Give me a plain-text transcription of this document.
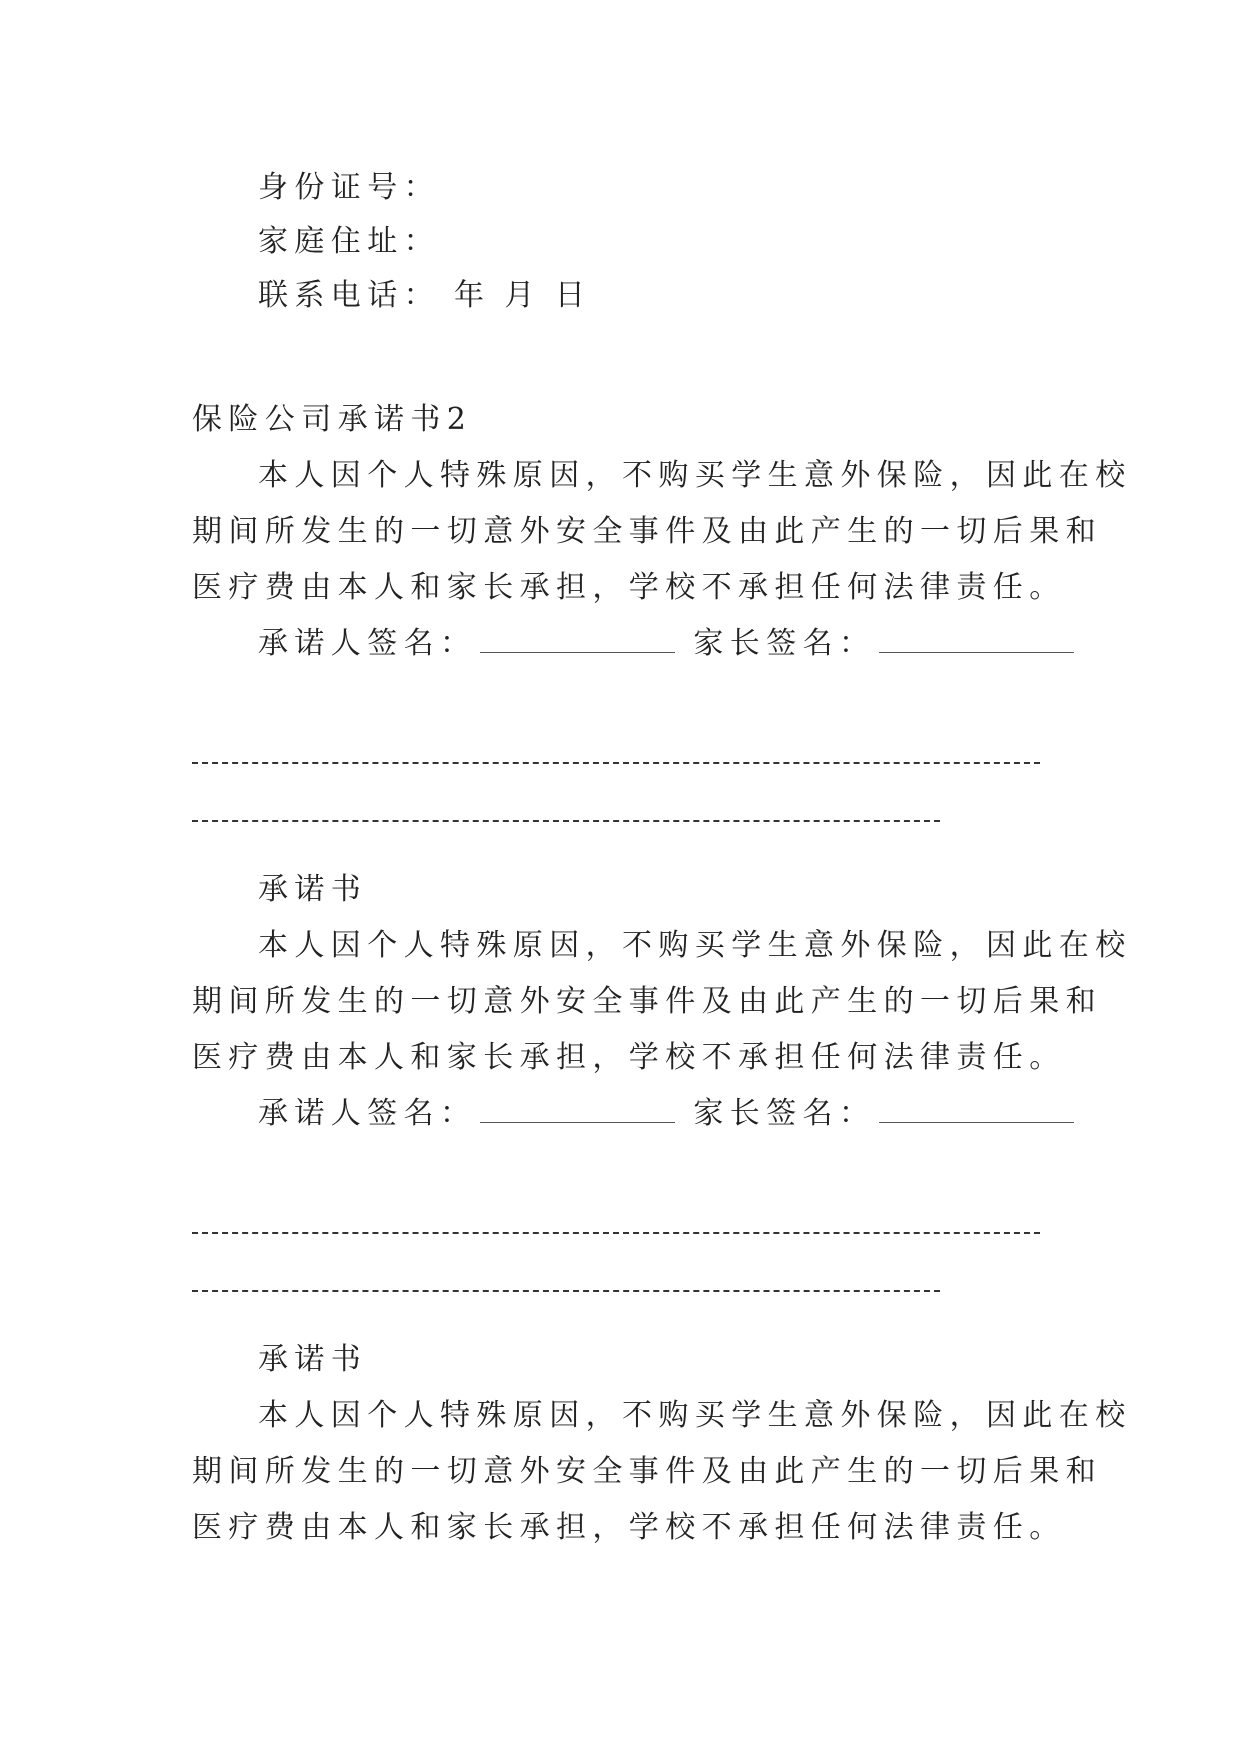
身份证号：
家庭住址：
联系电话： 年 月 日
保险公司承诺书2
本人因个人特殊原因，不购买学生意外保险，因此在校
期间所发生的一切意外安全事件及由此产生的一切后果和
医疗费由本人和家长承担，学校不承担任何法律责任。
承诺人签名：	家长签名：
承诺书
本人因个人特殊原因，不购买学生意外保险，因此在校
期间所发生的一切意外安全事件及由此产生的一切后果和
医疗费由本人和家长承担，学校不承担任何法律责任。
承诺人签名：	家长签名：
承诺书
本人因个人特殊原因，不购买学生意外保险，因此在校
期间所发生的一切意外安全事件及由此产生的一切后果和
医疗费由本人和家长承担，学校不承担任何法律责任。
